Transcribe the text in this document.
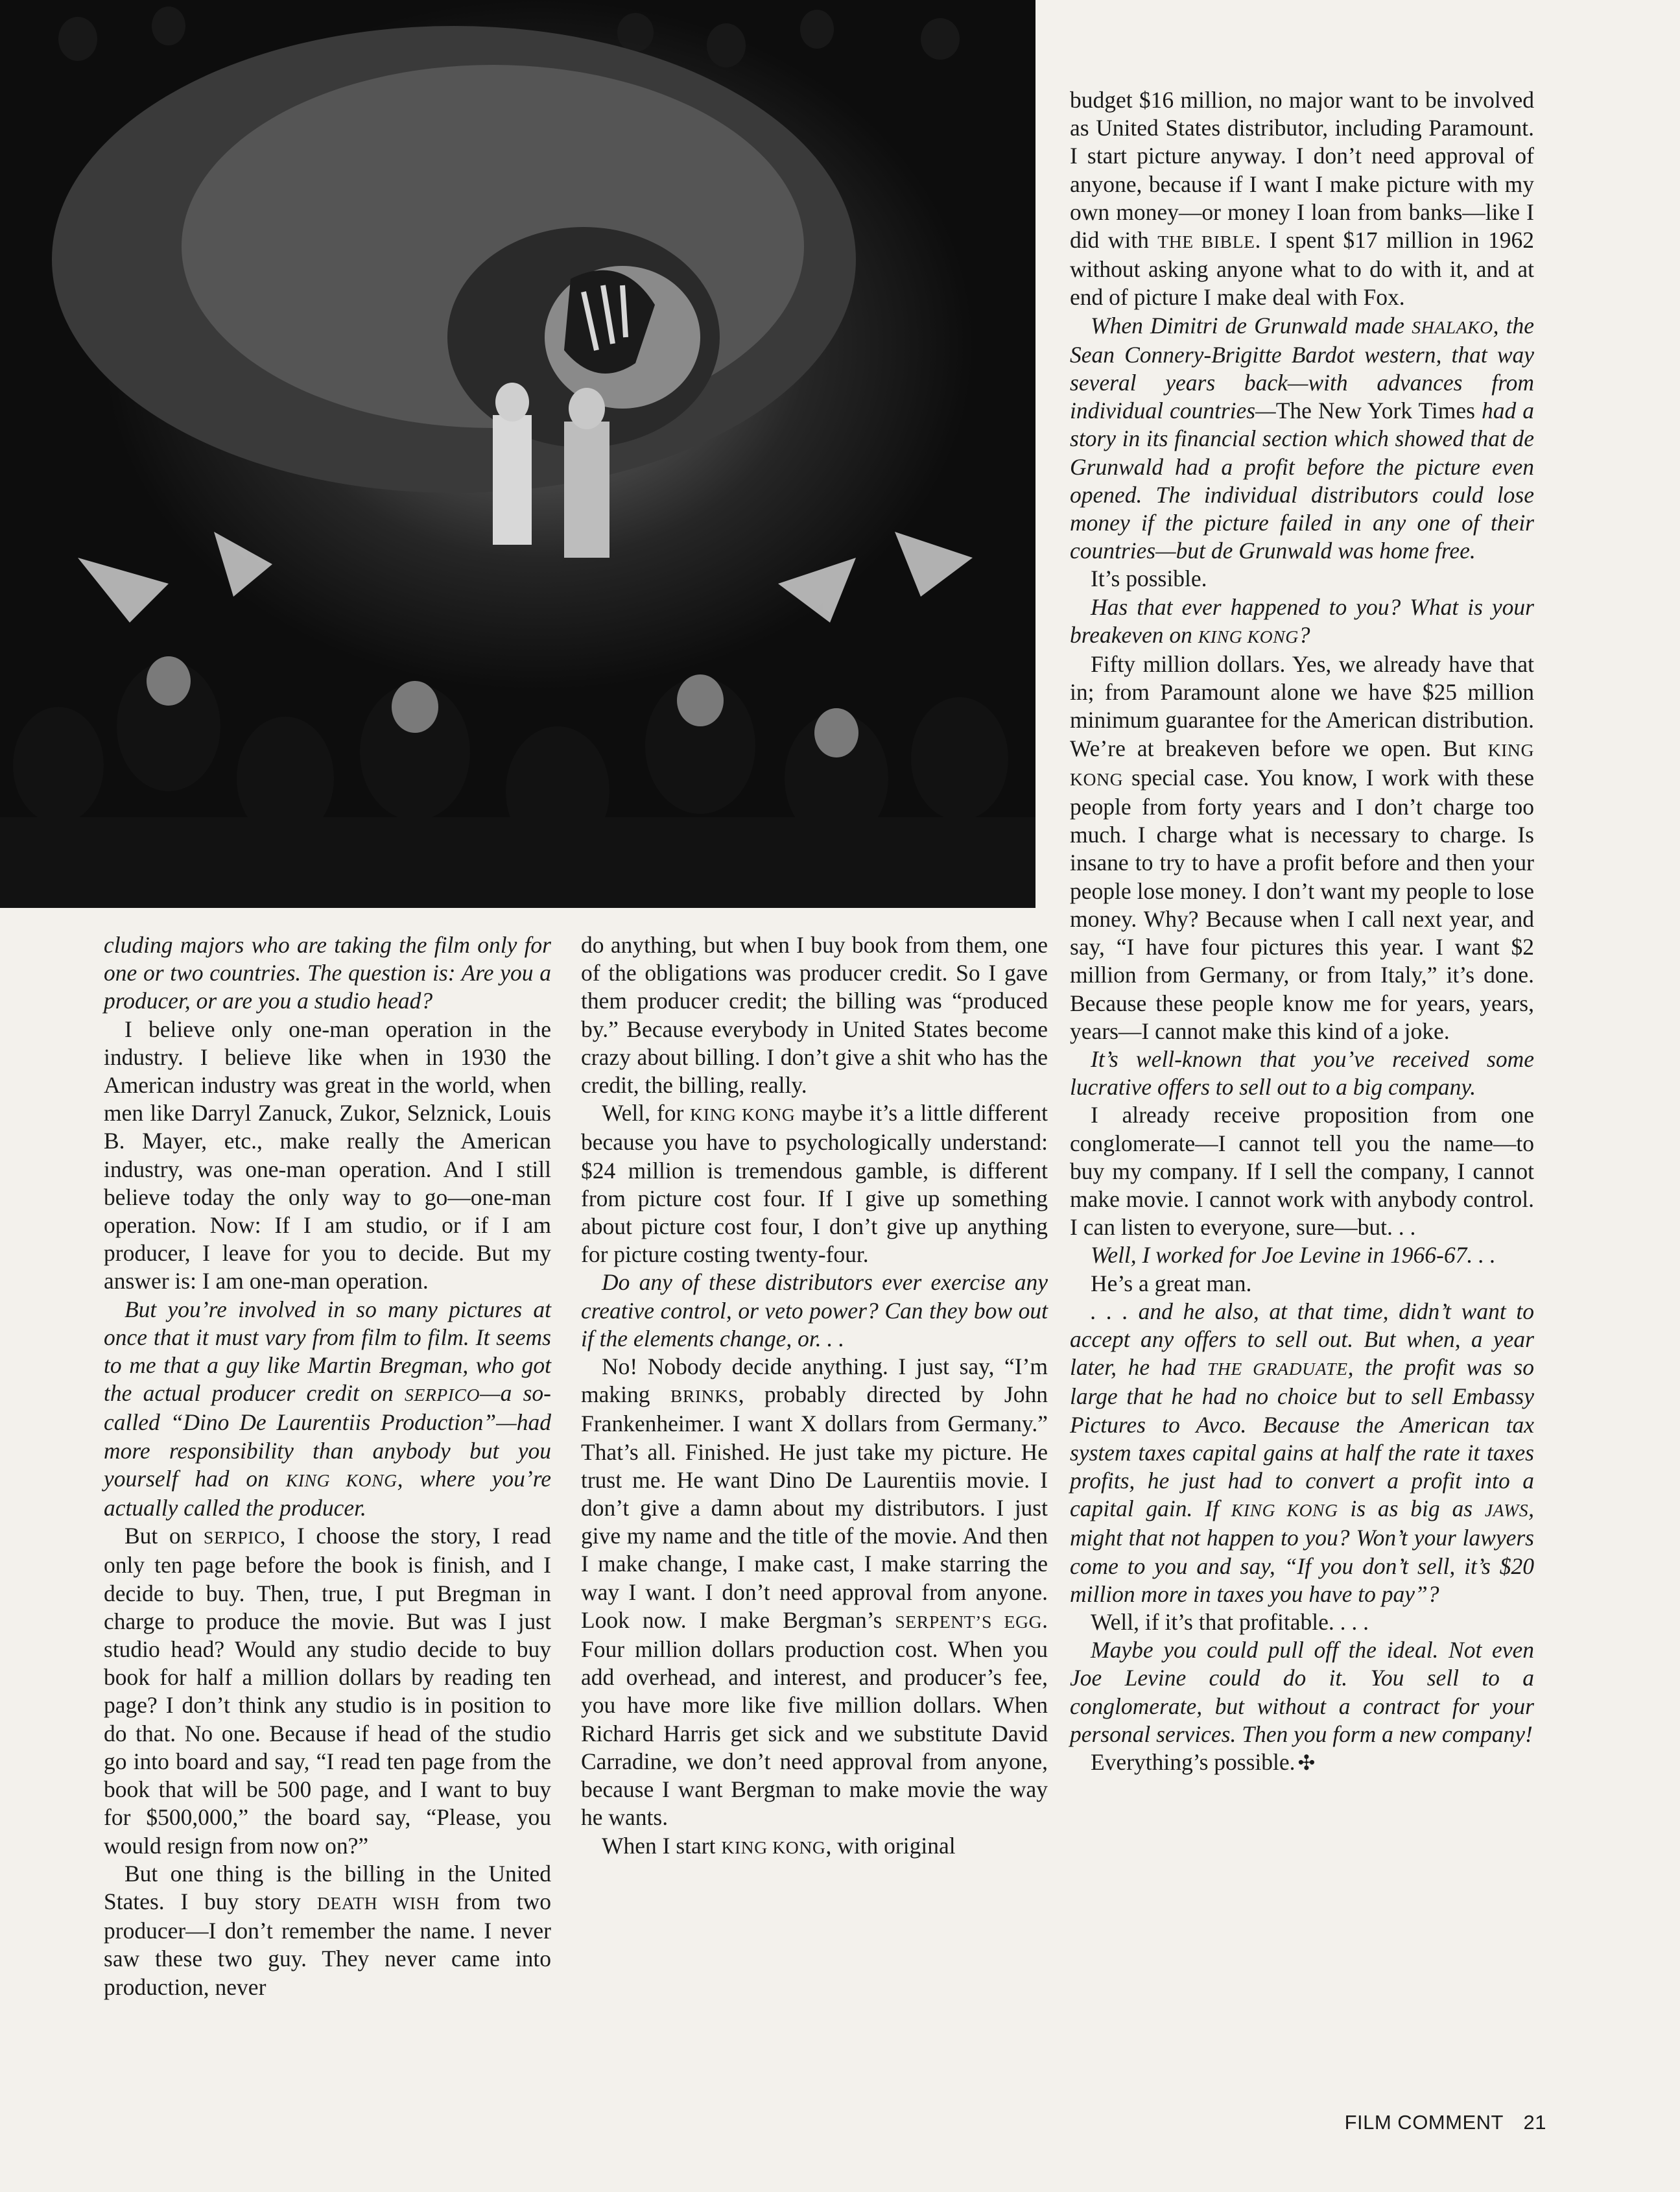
cluding majors who are taking the film only for one or two countries. The question is: Are you a producer, or are you a studio head?

I believe only one-man operation in the industry. I believe like when in 1930 the American industry was great in the world, when men like Darryl Zanuck, Zukor, Selznick, Louis B. Mayer, etc., make really the American industry, was one-man operation. And I still believe today the only way to go—one-man operation. Now: If I am studio, or if I am producer, I leave for you to decide. But my answer is: I am one-man operation.

But you’re involved in so many pictures at once that it must vary from film to film. It seems to me that a guy like Martin Bregman, who got the actual producer credit on SERPICO—a so-called “Dino De Laurentiis Production”—had more responsibility than anybody but you yourself had on KING KONG, where you’re actually called the producer.

But on SERPICO, I choose the story, I read only ten page before the book is finish, and I decide to buy. Then, true, I put Bregman in charge to produce the movie. But was I just studio head? Would any studio decide to buy book for half a million dollars by reading ten page? I don’t think any studio is in position to do that. No one. Because if head of the studio go into board and say, “I read ten page from the book that will be 500 page, and I want to buy for $500,000,” the board say, “Please, you would resign from now on?”

But one thing is the billing in the United States. I buy story DEATH WISH from two producer—I don’t remember the name. I never saw these two guy. They never came into production, never

do anything, but when I buy book from them, one of the obligations was producer credit. So I gave them producer credit; the billing was “produced by.” Because everybody in United States become crazy about billing. I don’t give a shit who has the credit, the billing, really.

Well, for KING KONG maybe it’s a little different because you have to psychologically understand: $24 million is tremendous gamble, is different from picture cost four. If I give up something about picture cost four, I don’t give up anything for picture costing twenty-four.

Do any of these distributors ever exercise any creative control, or veto power? Can they bow out if the elements change, or. . .

No! Nobody decide anything. I just say, “I’m making BRINKS, probably directed by John Frankenheimer. I want X dollars from Germany.” That’s all. Finished. He just take my picture. He trust me. He want Dino De Laurentiis movie. I don’t give a damn about my distributors. I just give my name and the title of the movie. And then I make change, I make cast, I make starring the way I want. I don’t need approval from anyone. Look now. I make Bergman’s SERPENT’S EGG. Four million dollars production cost. When you add overhead, and interest, and producer’s fee, you have more like five million dollars. When Richard Harris get sick and we substitute David Carradine, we don’t need approval from anyone, because I want Bergman to make movie the way he wants.

When I start KING KONG, with original

budget $16 million, no major want to be involved as United States distributor, including Paramount. I start picture anyway. I don’t need approval of anyone, because if I want I make picture with my own money—or money I loan from banks—like I did with THE BIBLE. I spent $17 million in 1962 without asking anyone what to do with it, and at end of picture I make deal with Fox.

When Dimitri de Grunwald made SHALAKO, the Sean Connery-Brigitte Bardot western, that way several years back—with advances from individual countries—The New York Times had a story in its financial section which showed that de Grunwald had a profit before the picture even opened. The individual distributors could lose money if the picture failed in any one of their countries—but de Grunwald was home free.

It’s possible.

Has that ever happened to you? What is your breakeven on KING KONG?

Fifty million dollars. Yes, we already have that in; from Paramount alone we have $25 million minimum guarantee for the American distribution. We’re at breakeven before we open. But KING KONG special case. You know, I work with these people from forty years and I don’t charge too much. I charge what is necessary to charge. Is insane to try to have a profit before and then your people lose money. I don’t want my people to lose money. Why? Because when I call next year, and say, “I have four pictures this year. I want $2 million from Germany, or from Italy,” it’s done. Because these people know me for years, years, years—I cannot make this kind of a joke.

It’s well-known that you’ve received some lucrative offers to sell out to a big company.

I already receive proposition from one conglomerate—I cannot tell you the name—to buy my company. If I sell the company, I cannot make movie. I cannot work with anybody control. I can listen to everyone, sure—but. . .

Well, I worked for Joe Levine in 1966-67. . .

He’s a great man.

. . . and he also, at that time, didn’t want to accept any offers to sell out. But when, a year later, he had THE GRADUATE, the profit was so large that he had no choice but to sell Embassy Pictures to Avco. Because the American tax system taxes capital gains at half the rate it taxes profits, he just had to convert a profit into a capital gain. If KING KONG is as big as JAWS, might that not happen to you? Won’t your lawyers come to you and say, “If you don’t sell, it’s $20 million more in taxes you have to pay”?

Well, if it’s that profitable. . . .

Maybe you could pull off the ideal. Not even Joe Levine could do it. You sell to a conglomerate, but without a contract for your personal services. Then you form a new company!

Everything’s possible. ✣

FILM COMMENT 21
